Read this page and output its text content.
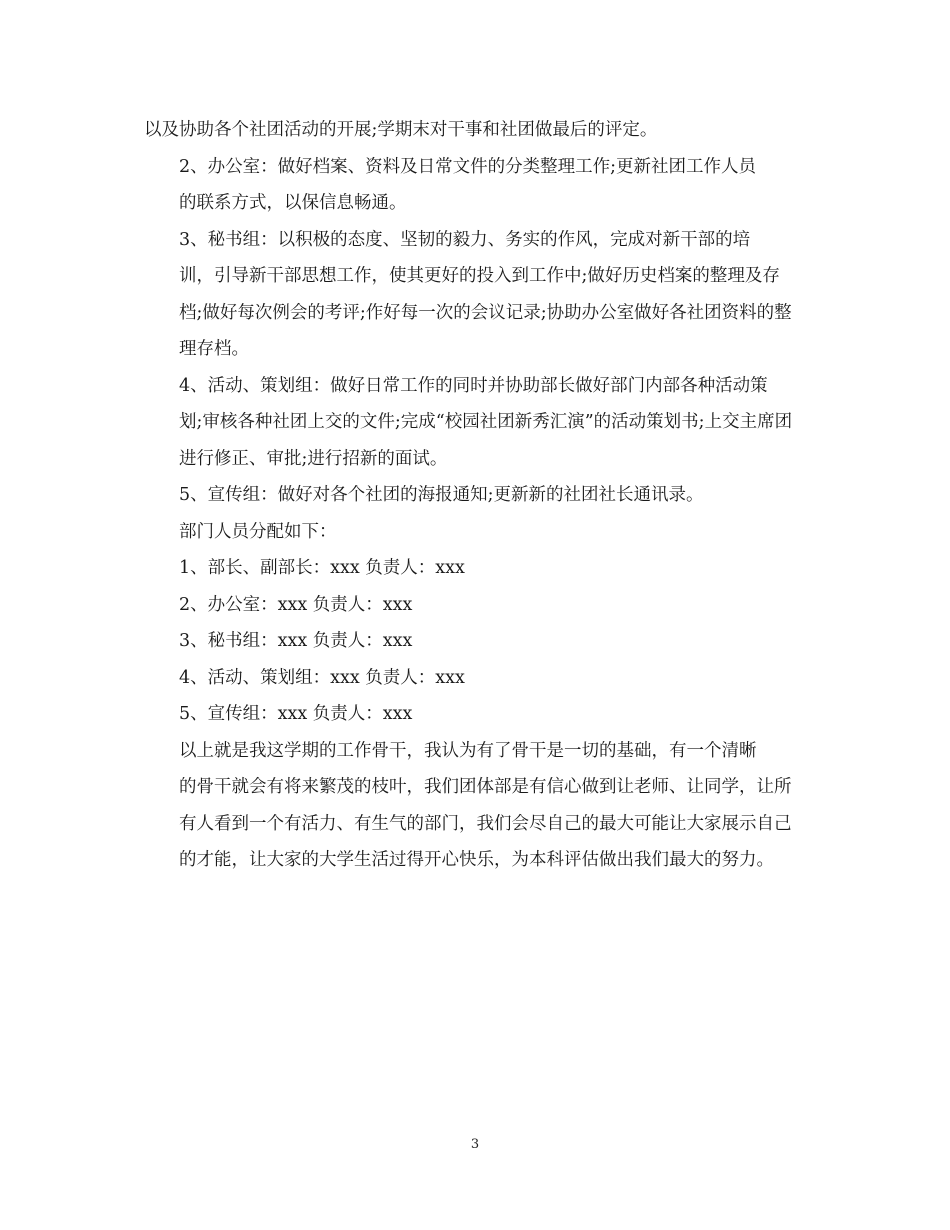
以及协助各个社团活动的开展;学期末对干事和社团做最后的评定。

2、办公室：做好档案、资料及日常文件的分类整理工作;更新社团工作人员
的联系方式，以保信息畅通。

3、秘书组：以积极的态度、坚韧的毅力、务实的作风，完成对新干部的培
训，引导新干部思想工作，使其更好的投入到工作中;做好历史档案的整理及存
档;做好每次例会的考评;作好每一次的会议记录;协助办公室做好各社团资料的整
理存档。

4、活动、策划组：做好日常工作的同时并协助部长做好部门内部各种活动策
划;审核各种社团上交的文件;完成“校园社团新秀汇演”的活动策划书;上交主席团
进行修正、审批;进行招新的面试。

5、宣传组：做好对各个社团的海报通知;更新新的社团社长通讯录。

部门人员分配如下：

1、部长、副部长：xxx 负责人：xxx

2、办公室：xxx 负责人：xxx

3、秘书组：xxx 负责人：xxx

4、活动、策划组：xxx 负责人：xxx

5、宣传组：xxx 负责人：xxx

以上就是我这学期的工作骨干，我认为有了骨干是一切的基础，有一个清晰
的骨干就会有将来繁茂的枝叶，我们团体部是有信心做到让老师、让同学，让所
有人看到一个有活力、有生气的部门，我们会尽自己的最大可能让大家展示自己
的才能，让大家的大学生活过得开心快乐，为本科评估做出我们最大的努力。

3
